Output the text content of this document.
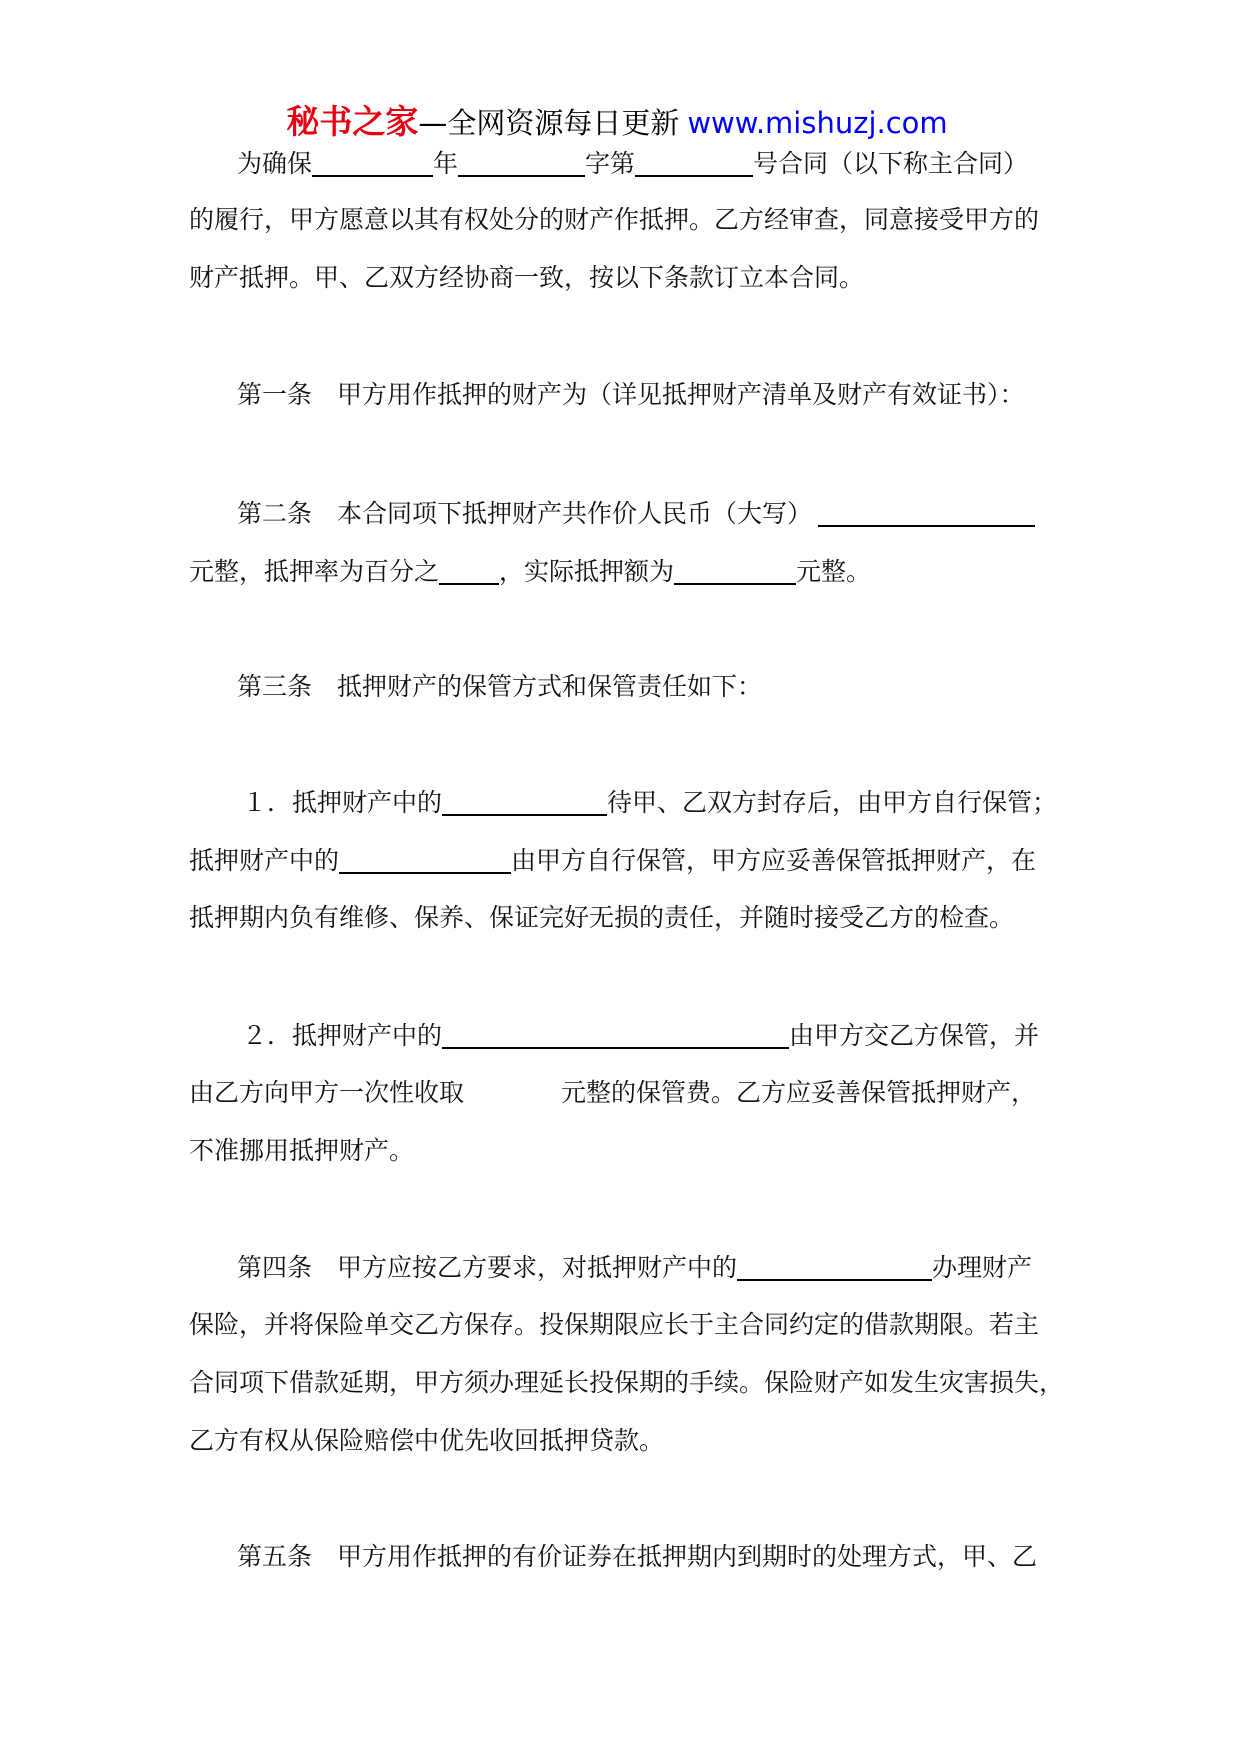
秘书之家—全网资源每日更新 www.mishuzj.com
为确保	年	字第	号合同（以下称主合同）
的履行，甲方愿意以其有权处分的财产作抵押。乙方经审查，同意接受甲方的
财产抵押。甲、乙双方经协商一致，按以下条款订立本合同。
第一条　甲方用作抵押的财产为（详见抵押财产清单及财产有效证书）：
第二条　本合同项下抵押财产共作价人民币（大写）
元整，抵押率为百分之 ，实际抵押额为	元整。
第三条　抵押财产的保管方式和保管责任如下：
１．抵押财产中的	待甲、乙双方封存后，由甲方自行保管；
抵押财产中的	由甲方自行保管，甲方应妥善保管抵押财产，在
抵押期内负有维修、保养、保证完好无损的责任，并随时接受乙方的检查。
２．抵押财产中的	由甲方交乙方保管，并
由乙方向甲方一次性收取	元整的保管费。乙方应妥善保管抵押财产，
不准挪用抵押财产。
第四条　甲方应按乙方要求，对抵押财产中的	办理财产
保险，并将保险单交乙方保存。投保期限应长于主合同约定的借款期限。若主
合同项下借款延期，甲方须办理延长投保期的手续。保险财产如发生灾害损失，
乙方有权从保险赔偿中优先收回抵押贷款。
第五条　甲方用作抵押的有价证券在抵押期内到期时的处理方式，甲、乙
